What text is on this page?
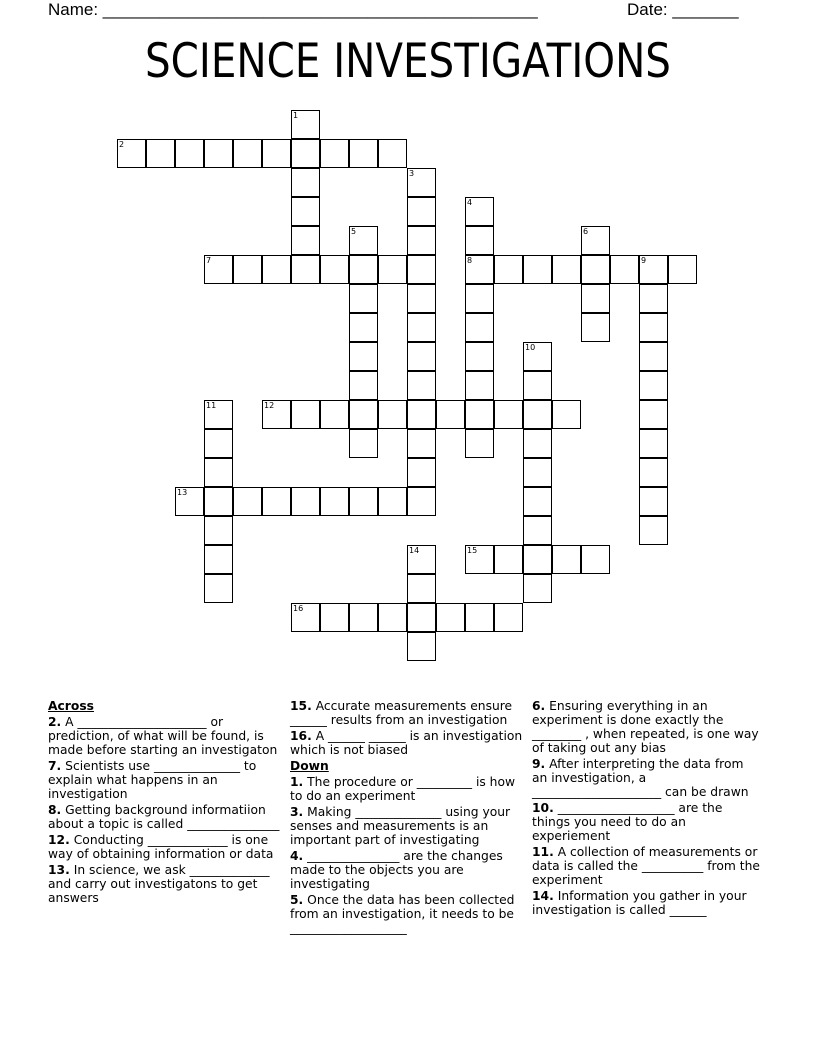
Name: ______________________________________________	Date: _______
SCIENCE INVESTIGATIONS
1
2
3
4
8
5	6
7	9
10
11	12
13
14	15
16
Across
2. A _____________________ or prediction, of what will be found, is made before starting an investigaton
7. Scientists use ______________ to explain what happens in an investigation
8. Getting background informatiion about a topic is called _______________
12. Conducting _____________ is one way of obtaining information or data
13. In science, we ask _____________ and carry out investigatons to get answers
15. Accurate measurements ensure ______ results from an investigation
16. A ______ ______ is an investigation which is not biased
Down
1. The procedure or _________ is how to do an experiment
3. Making ______________ using your senses and measurements is an important part of investigating
4. _______________ are the changes made to the objects you are investigating
5. Once the data has been collected from an investigation, it needs to be ___________________
6. Ensuring everything in an experiment is done exactly the ________ , when repeated, is one way of taking out any bias
9. After interpreting the data from an investigation, a _____________________ can be drawn
10. ___________________ are the things you need to do an experiement
11. A collection of measurements or data is called the __________ from the experiment
14. Information you gather in your investigation is called ______
